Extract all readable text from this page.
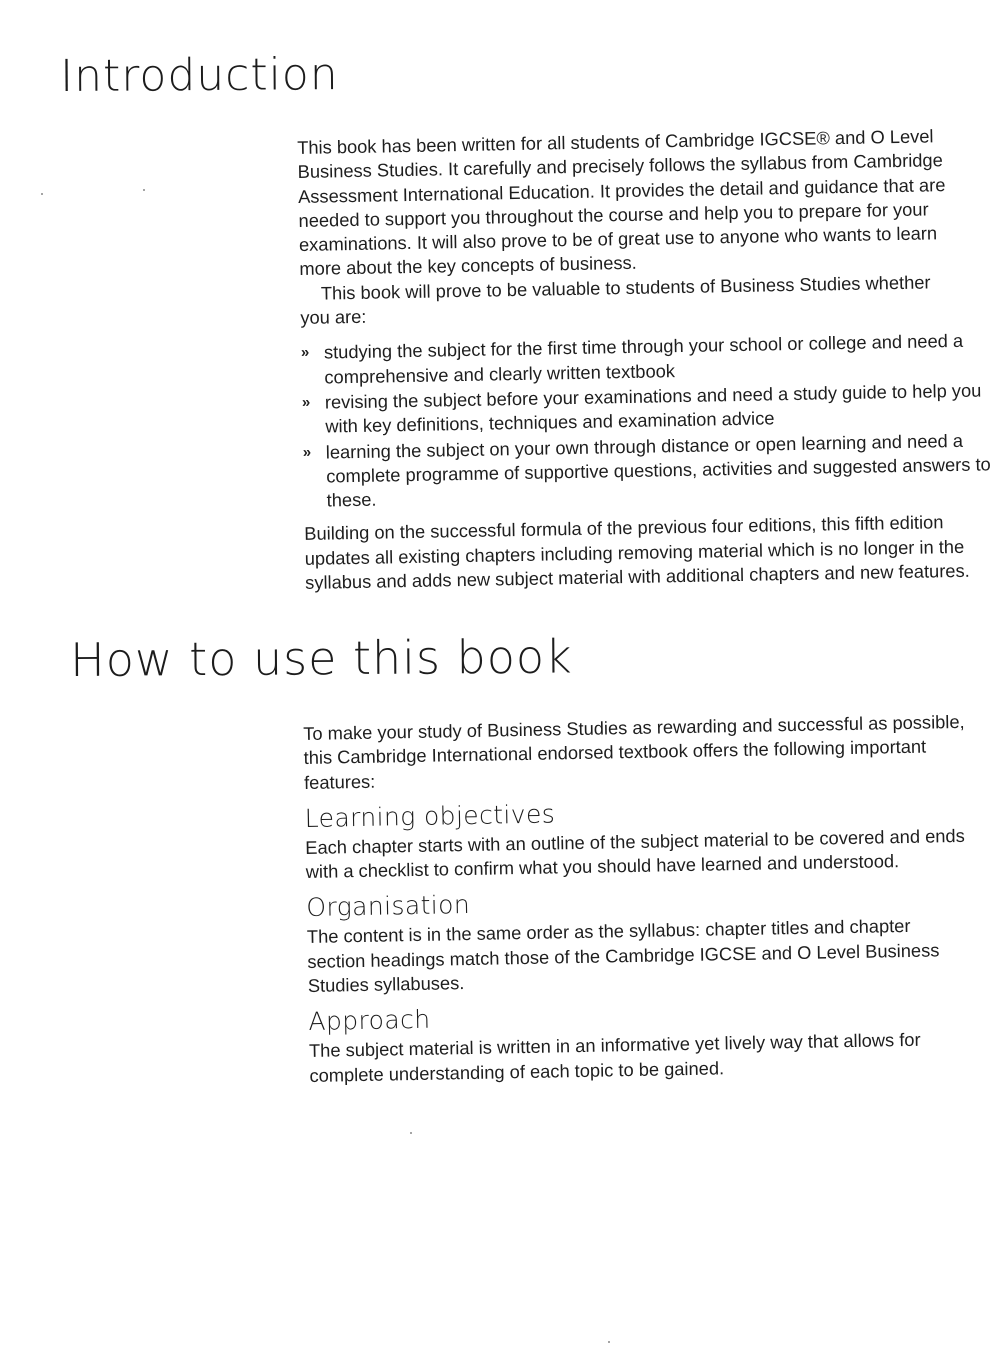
Introduction

This book has been written for all students of Cambridge IGCSE® and O Level Business Studies. It carefully and precisely follows the syllabus from Cambridge Assessment International Education. It provides the detail and guidance that are needed to support you throughout the course and help you to prepare for your examinations. It will also prove to be of great use to anyone who wants to learn more about the key concepts of business.

This book will prove to be valuable to students of Business Studies whether you are:

» studying the subject for the first time through your school or college and need a comprehensive and clearly written textbook
» revising the subject before your examinations and need a study guide to help you with key definitions, techniques and examination advice
» learning the subject on your own through distance or open learning and need a complete programme of supportive questions, activities and suggested answers to these.

Building on the successful formula of the previous four editions, this fifth edition updates all existing chapters including removing material which is no longer in the syllabus and adds new subject material with additional chapters and new features.

How to use this book

To make your study of Business Studies as rewarding and successful as possible, this Cambridge International endorsed textbook offers the following important features:

Learning objectives

Each chapter starts with an outline of the subject material to be covered and ends with a checklist to confirm what you should have learned and understood.

Organisation

The content is in the same order as the syllabus: chapter titles and chapter section headings match those of the Cambridge IGCSE and O Level Business Studies syllabuses.

Approach

The subject material is written in an informative yet lively way that allows for complete understanding of each topic to be gained.
